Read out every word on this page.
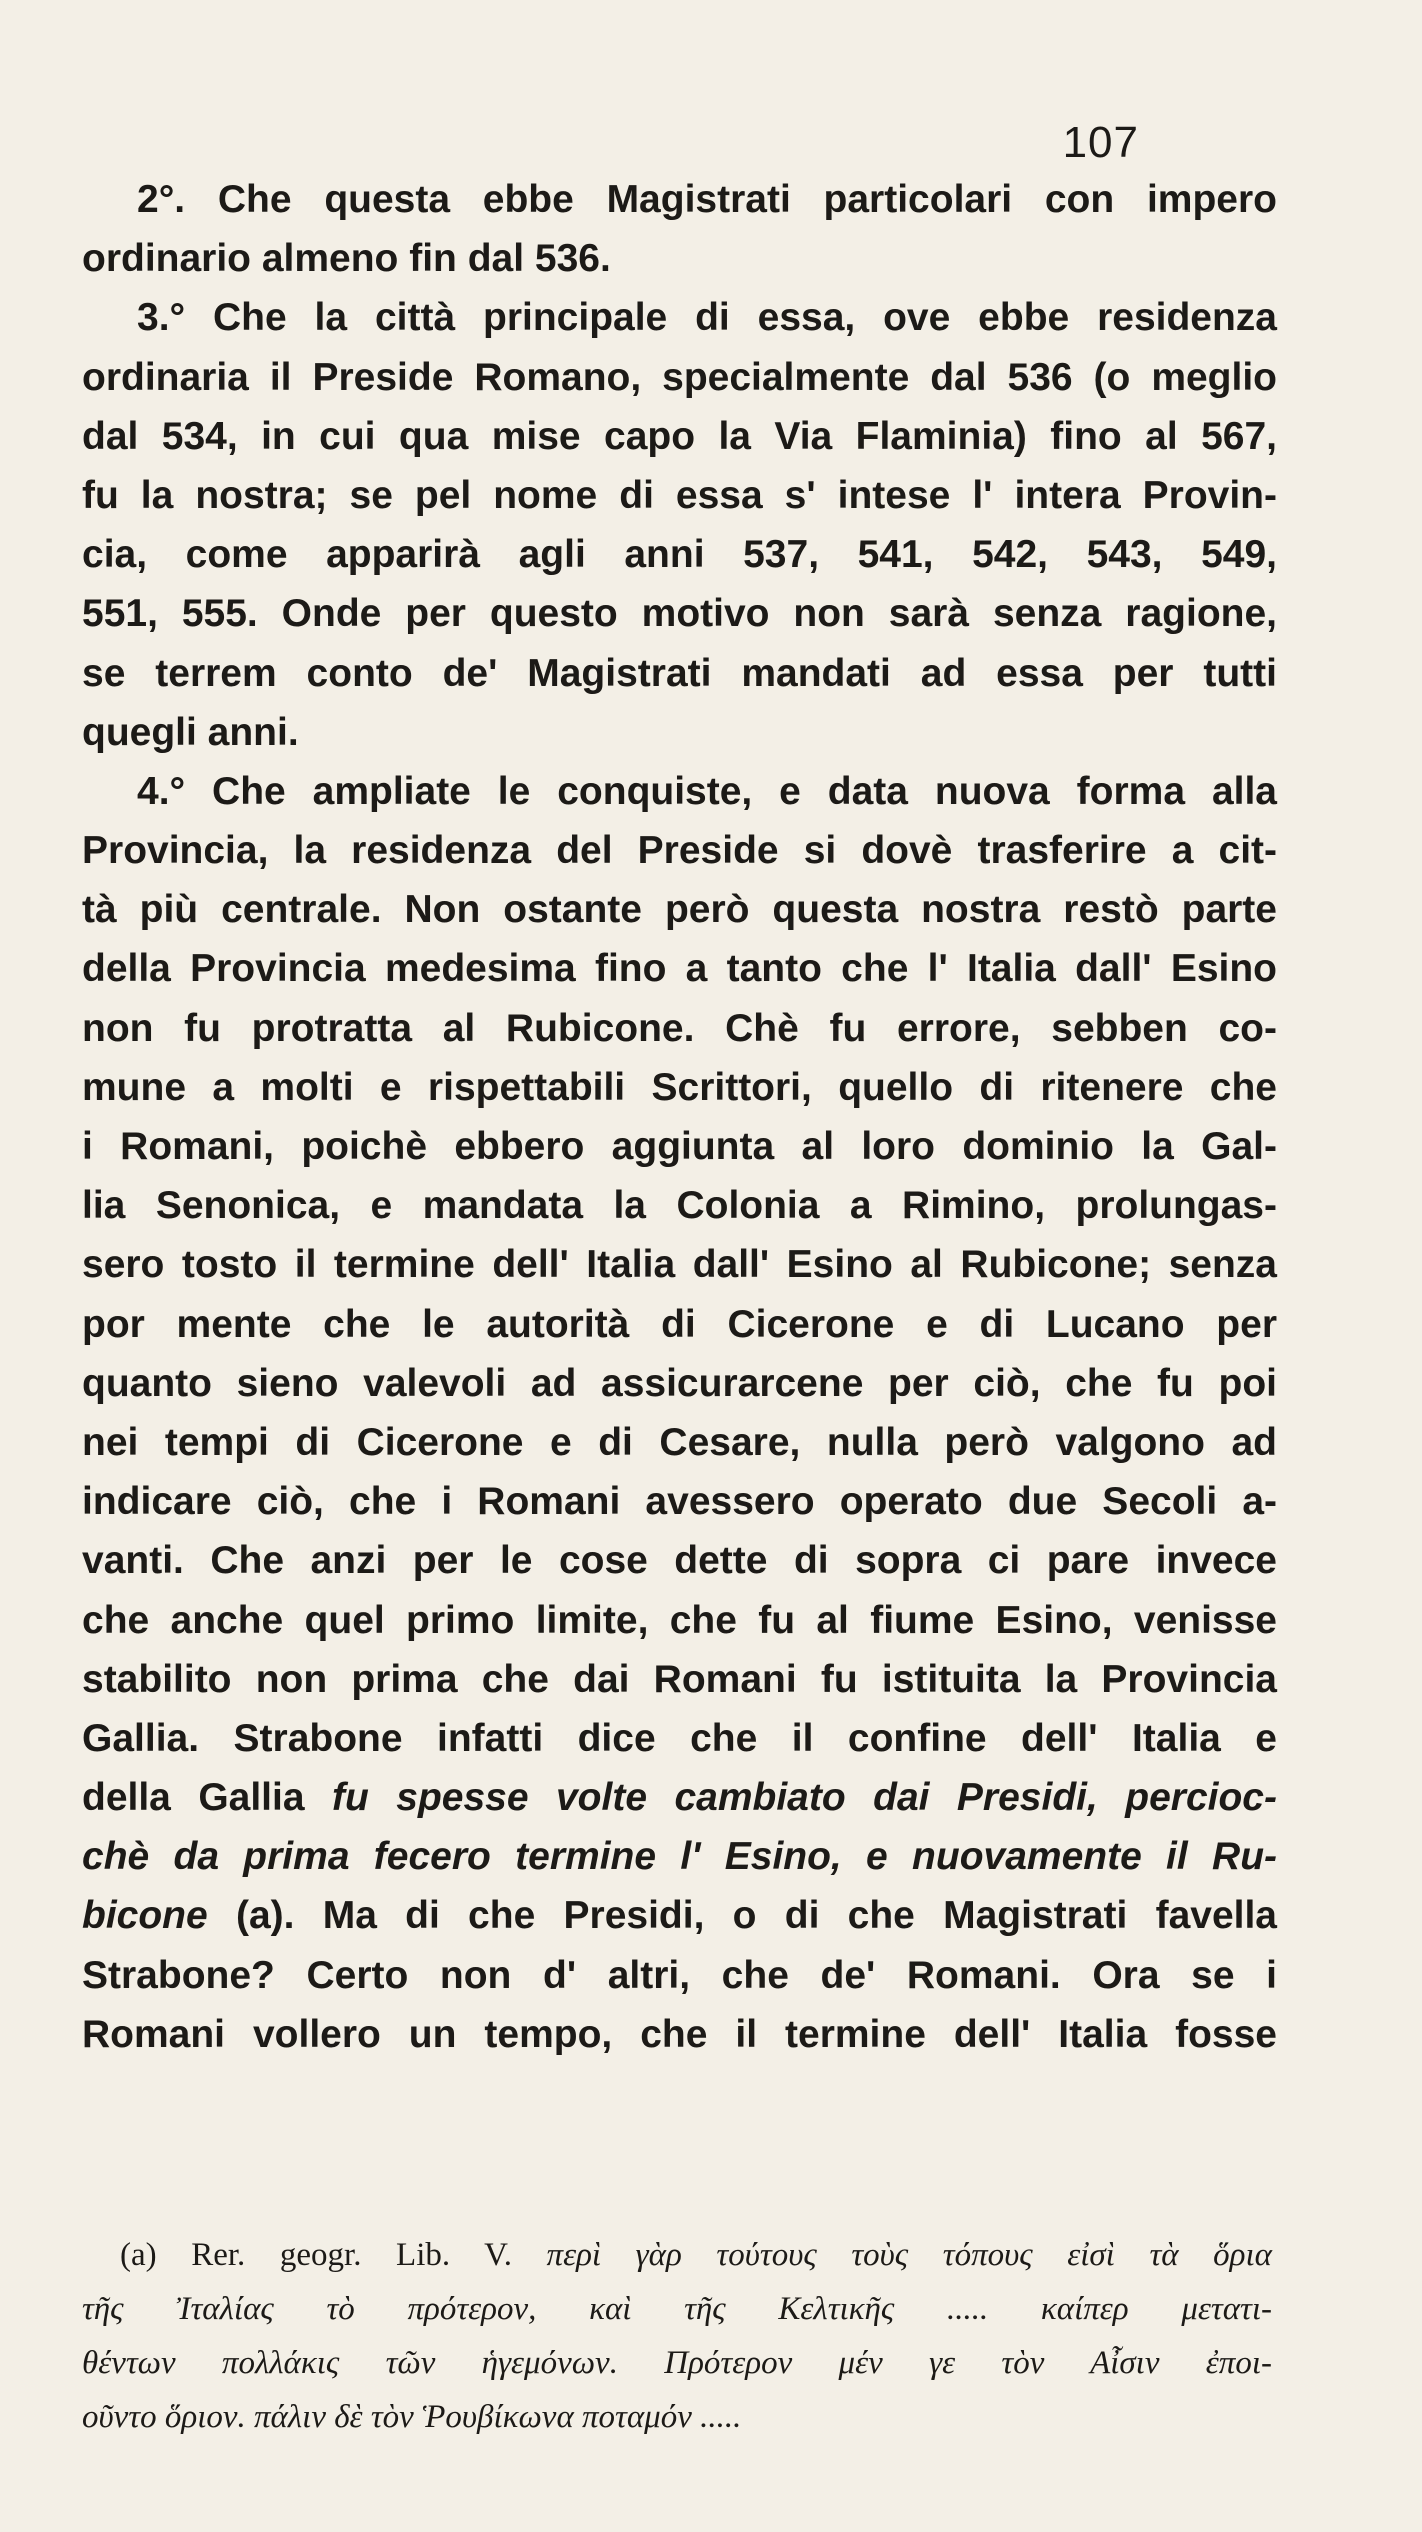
107
2°. Che questa ebbe Magistrati particolari con impero
ordinario almeno fin dal 536.
3.° Che la città principale di essa, ove ebbe residenza
ordinaria il Preside Romano, specialmente dal 536 (o meglio
dal 534, in cui qua mise capo la Via Flaminia) fino al 567,
fu la nostra; se pel nome di essa s' intese l' intera Provin-
cia, come apparirà agli anni 537, 541, 542, 543, 549,
551, 555. Onde per questo motivo non sarà senza ragione,
se terrem conto de' Magistrati mandati ad essa per tutti
quegli anni.
4.° Che ampliate le conquiste, e data nuova forma alla
Provincia, la residenza del Preside si dovè trasferire a cit-
tà più centrale. Non ostante però questa nostra restò parte
della Provincia medesima fino a tanto che l' Italia dall' Esino
non fu protratta al Rubicone. Chè fu errore, sebben co-
mune a molti e rispettabili Scrittori, quello di ritenere che
i Romani, poichè ebbero aggiunta al loro dominio la Gal-
lia Senonica, e mandata la Colonia a Rimino, prolungas-
sero tosto il termine dell' Italia dall' Esino al Rubicone; senza
por mente che le autorità di Cicerone e di Lucano per
quanto sieno valevoli ad assicurarcene per ciò, che fu poi
nei tempi di Cicerone e di Cesare, nulla però valgono ad
indicare ciò, che i Romani avessero operato due Secoli a-
vanti. Che anzi per le cose dette di sopra ci pare invece
che anche quel primo limite, che fu al fiume Esino, venisse
stabilito non prima che dai Romani fu istituita la Provincia
Gallia. Strabone infatti dice che il confine dell' Italia e
della Gallia fu spesse volte cambiato dai Presidi, percioc-
chè da prima fecero termine l' Esino, e nuovamente il Ru-
bicone (a). Ma di che Presidi, o di che Magistrati favella
Strabone? Certo non d' altri, che de' Romani. Ora se i
Romani vollero un tempo, che il termine dell' Italia fosse
(a) Rer. geogr. Lib. V. περὶ γὰρ τούτους τοὺς τόπους εἰσὶ τὰ ὅρια
τῆς Ἰταλίας τὸ πρότερον, καὶ τῆς Κελτικῆς ..... καίπερ μετατι-
θέντων πολλάκις τῶν ἡγεμόνων. Πρότερον μέν γε τὸν Αἶσιν ἐποι-
οῦντο ὅριον. πάλιν δὲ τὸν Ῥουβίκωνα ποταμόν .....
